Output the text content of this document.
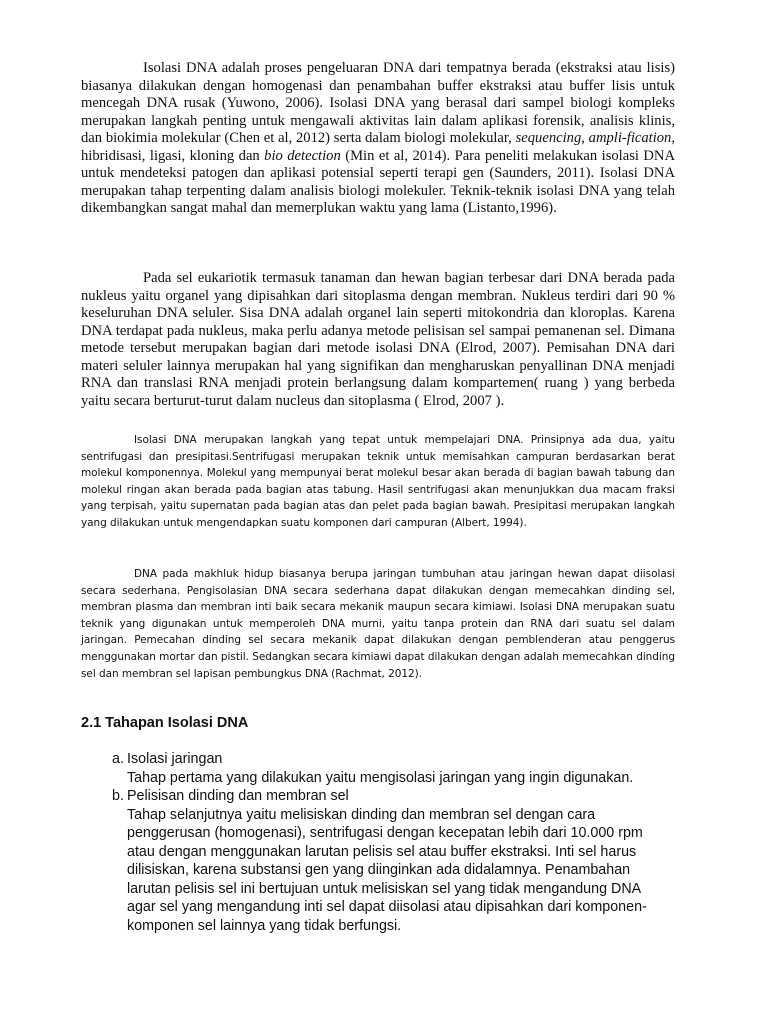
Isolasi DNA adalah proses pengeluaran DNA dari tempatnya berada (ekstraksi atau lisis) biasanya dilakukan dengan homogenasi dan penambahan buffer ekstraksi atau buffer lisis untuk mencegah DNA rusak (Yuwono, 2006). Isolasi DNA yang berasal dari sampel biologi kompleks merupakan langkah penting untuk mengawali aktivitas lain dalam aplikasi forensik, analisis klinis, dan biokimia molekular (Chen et al, 2012) serta dalam biologi molekular, sequencing, ampli-fication, hibridisasi, ligasi, kloning dan bio detection (Min et al, 2014). Para peneliti melakukan isolasi DNA untuk mendeteksi patogen dan aplikasi potensial seperti terapi gen (Saunders, 2011). Isolasi DNA merupakan tahap terpenting dalam analisis biologi molekuler. Teknik-teknik isolasi DNA yang telah dikembangkan sangat mahal dan memerplukan waktu yang lama (Listanto,1996).

Pada sel eukariotik termasuk tanaman dan hewan bagian terbesar dari DNA berada pada nukleus yaitu organel yang dipisahkan dari sitoplasma dengan membran. Nukleus terdiri dari 90 % keseluruhan DNA seluler. Sisa DNA adalah organel lain seperti mitokondria dan kloroplas. Karena DNA terdapat pada nukleus, maka perlu adanya metode pelisisan sel sampai pemanenan sel. Dimana metode tersebut merupakan bagian dari metode isolasi DNA (Elrod, 2007). Pemisahan DNA dari materi seluler lainnya merupakan hal yang signifikan dan mengharuskan penyallinan DNA menjadi RNA dan translasi RNA menjadi protein berlangsung dalam kompartemen( ruang ) yang berbeda yaitu secara berturut-turut dalam nucleus dan sitoplasma ( Elrod, 2007 ).

Isolasi DNA merupakan langkah yang tepat untuk mempelajari DNA. Prinsipnya ada dua, yaitu sentrifugasi dan presipitasi.Sentrifugasi merupakan teknik untuk memisahkan campuran berdasarkan berat molekul komponennya. Molekul yang mempunyai berat molekul besar akan berada di bagian bawah tabung dan molekul ringan akan berada pada bagian atas tabung. Hasil sentrifugasi akan menunjukkan dua macam fraksi yang terpisah, yaitu supernatan pada bagian atas dan pelet pada bagian bawah. Presipitasi merupakan langkah yang dilakukan untuk mengendapkan suatu komponen dari campuran (Albert, 1994).

DNA pada makhluk hidup biasanya berupa jaringan tumbuhan atau jaringan hewan dapat diisolasi secara sederhana. Pengisolasian DNA secara sederhana dapat dilakukan dengan memecahkan dinding sel, membran plasma dan membran inti baik secara mekanik maupun secara kimiawi. Isolasi DNA merupakan suatu teknik yang digunakan untuk memperoleh DNA murni, yaitu tanpa protein dan RNA dari suatu sel dalam jaringan. Pemecahan dinding sel secara mekanik dapat dilakukan dengan pemblenderan atau penggerus menggunakan mortar dan pistil. Sedangkan secara kimiawi dapat dilakukan dengan adalah memecahkan dinding sel dan membran sel lapisan pembungkus DNA (Rachmat, 2012).

2.1 Tahapan Isolasi DNA
a. Isolasi jaringan
Tahap pertama yang dilakukan yaitu mengisolasi jaringan yang ingin digunakan.
b. Pelisisan dinding dan membran sel
Tahap selanjutnya yaitu melisiskan dinding dan membran sel dengan cara penggerusan (homogenasi), sentrifugasi dengan kecepatan lebih dari 10.000 rpm atau dengan menggunakan larutan pelisis sel atau buffer ekstraksi. Inti sel harus dilisiskan, karena substansi gen yang diinginkan ada didalamnya. Penambahan larutan pelisis sel ini bertujuan untuk melisiskan sel yang tidak mengandung DNA agar sel yang mengandung inti sel dapat diisolasi atau dipisahkan dari komponen-komponen sel lainnya yang tidak berfungsi.
